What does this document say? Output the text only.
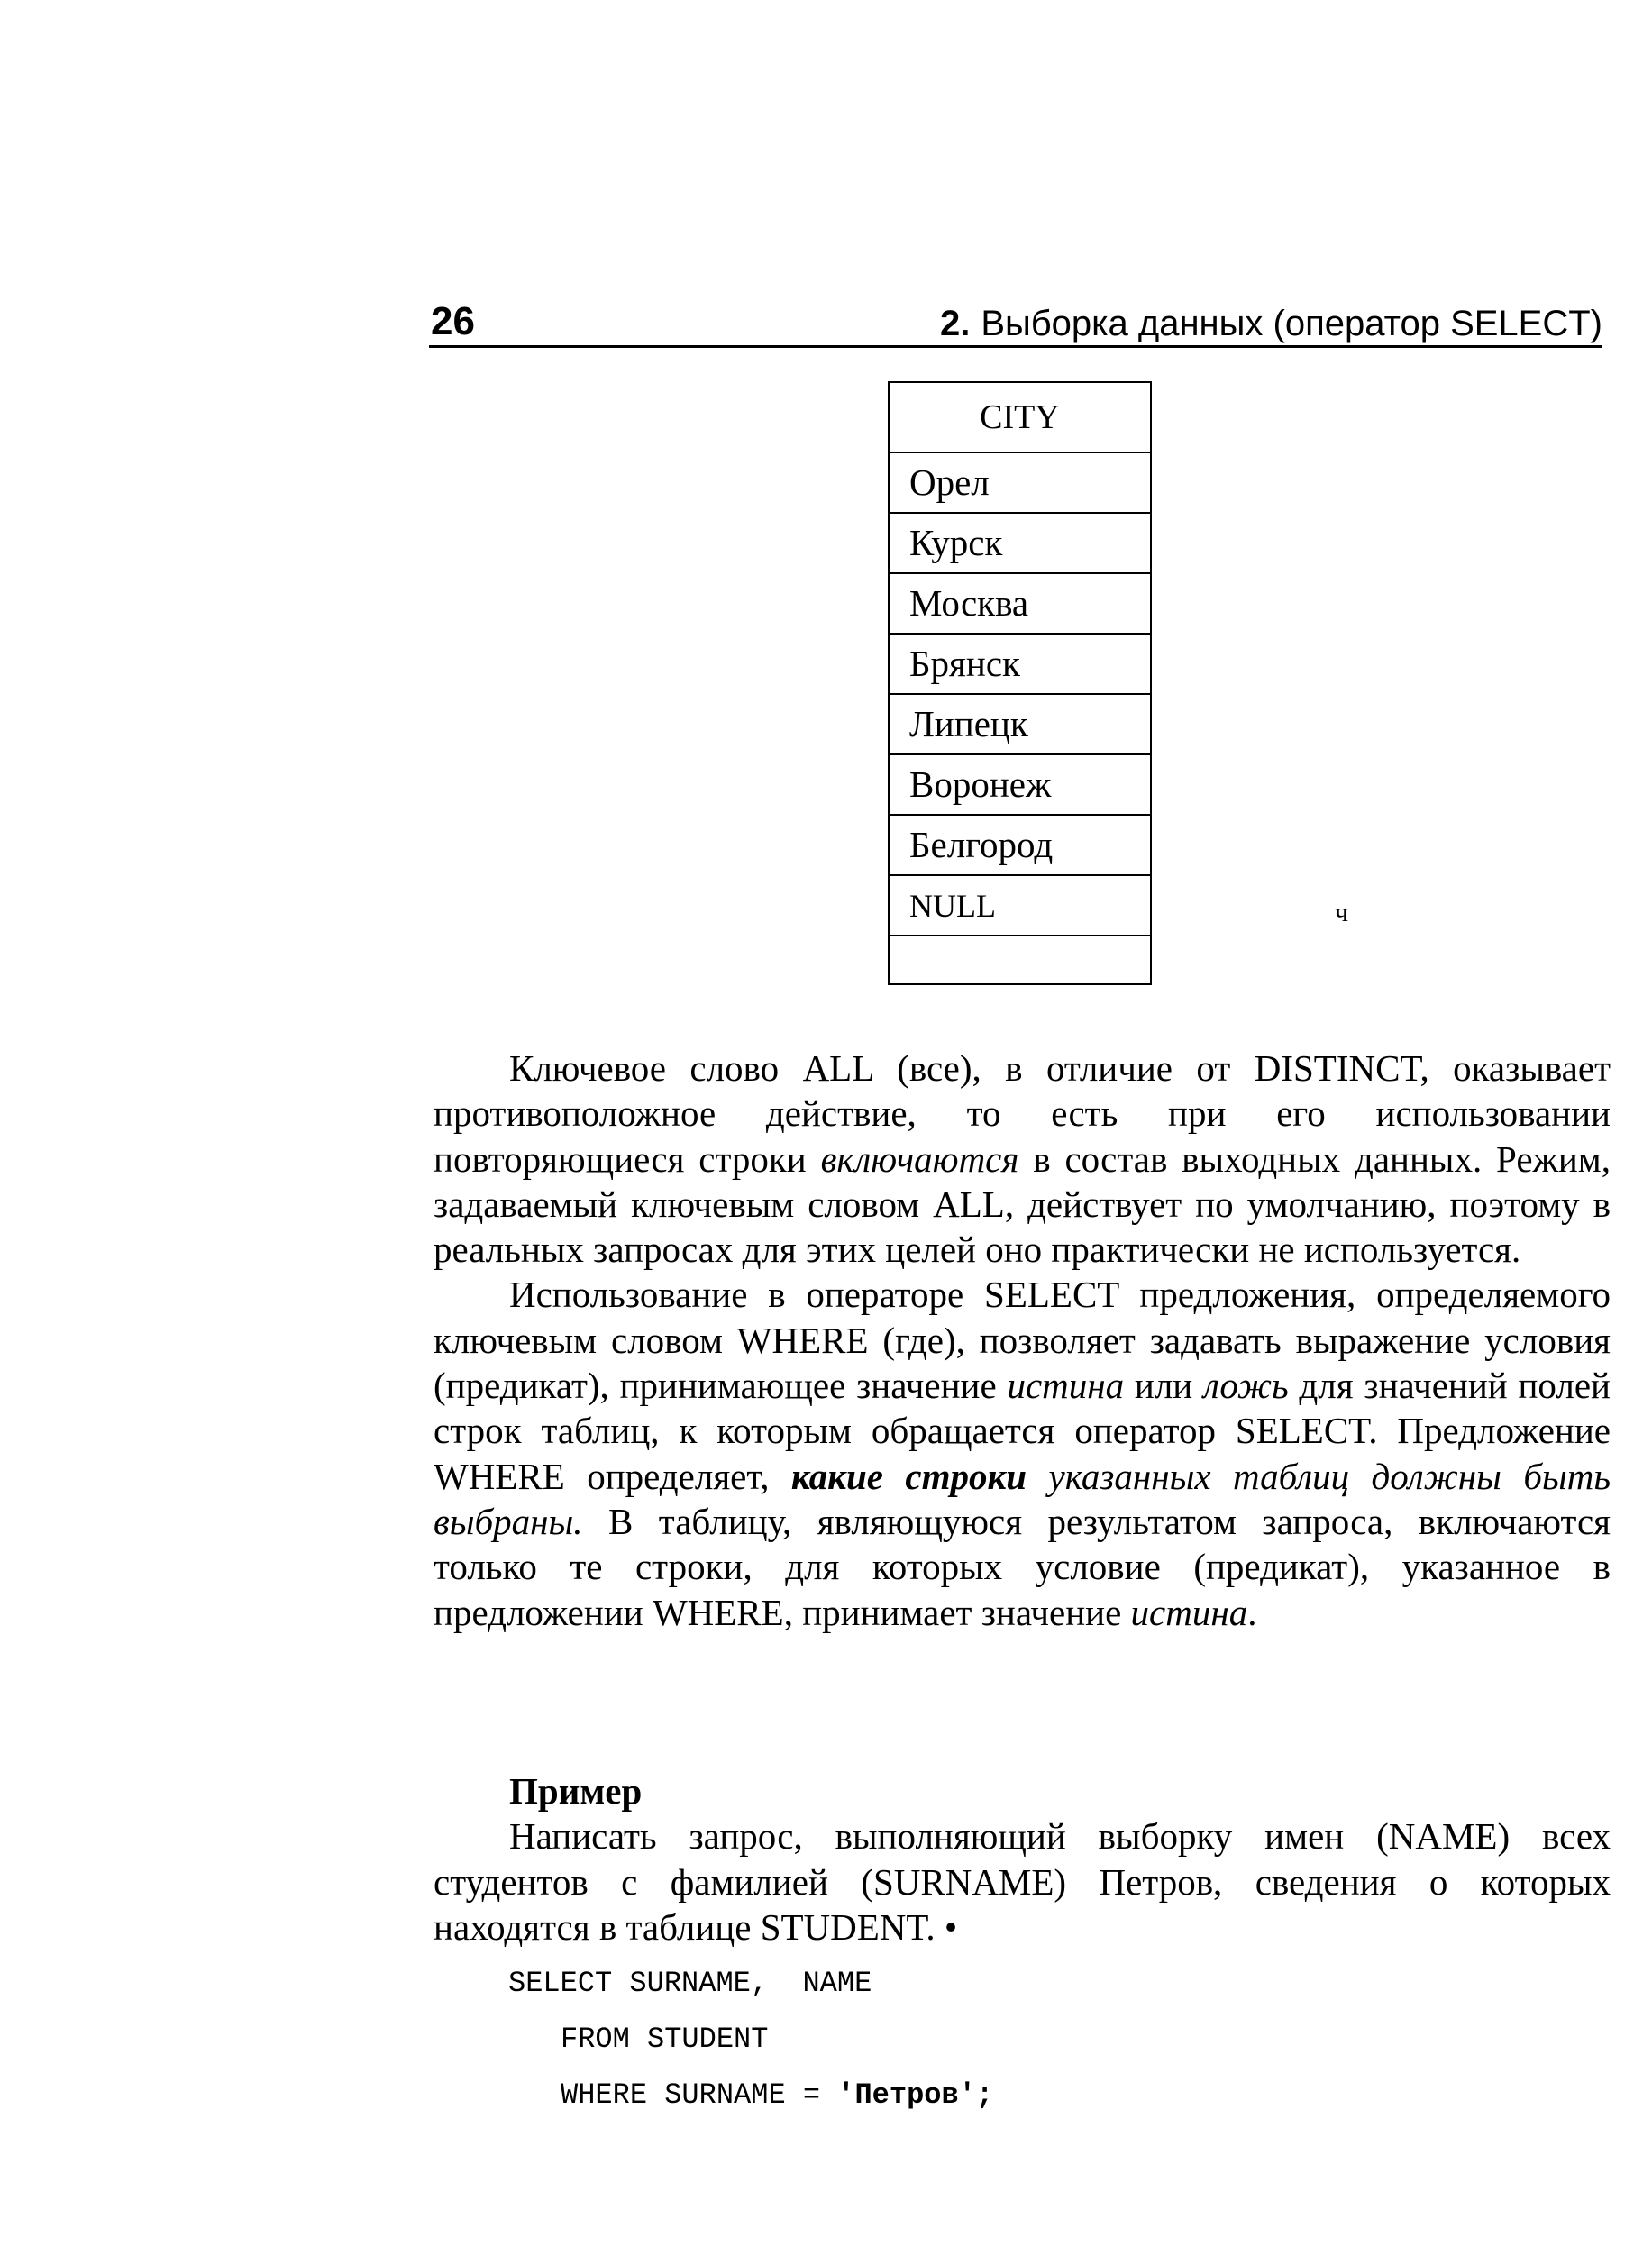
26	2. Выборка данных (оператор SELECT)
CITY
Орел
Курск
Москва
Брянск
Липецк
Воронеж
Белгород
NULL	ч

Ключевое слово ALL (все), в отличие от DISTINCT, оказывает противоположное действие, то есть при его использовании повторяющиеся строки включаются в состав выходных данных. Режим, задаваемый ключевым словом ALL, действует по умолчанию, поэтому в реальных запросах для этих целей оно практически не используется.

Использование в операторе SELECT предложения, определяемого ключевым словом WHERE (где), позволяет задавать выражение условия (предикат), принимающее значение истина или ложь для значений полей строк таблиц, к которым обращается оператор SELECT. Предложение WHERE определяет, какие строки указанных таблиц должны быть выбраны. В таблицу, являющуюся результатом запроса, включаются только те строки, для которых условие (предикат), указанное в предложении WHERE, принимает значение истина.

Пример

Написать запрос, выполняющий выборку имен (NAME) всех студентов с фамилией (SURNAME) Петров, сведения о которых находятся в таблице STUDENT. •

SELECT SURNAME,  NAME
FROM STUDENT
WHERE SURNAME = 'Петров';
